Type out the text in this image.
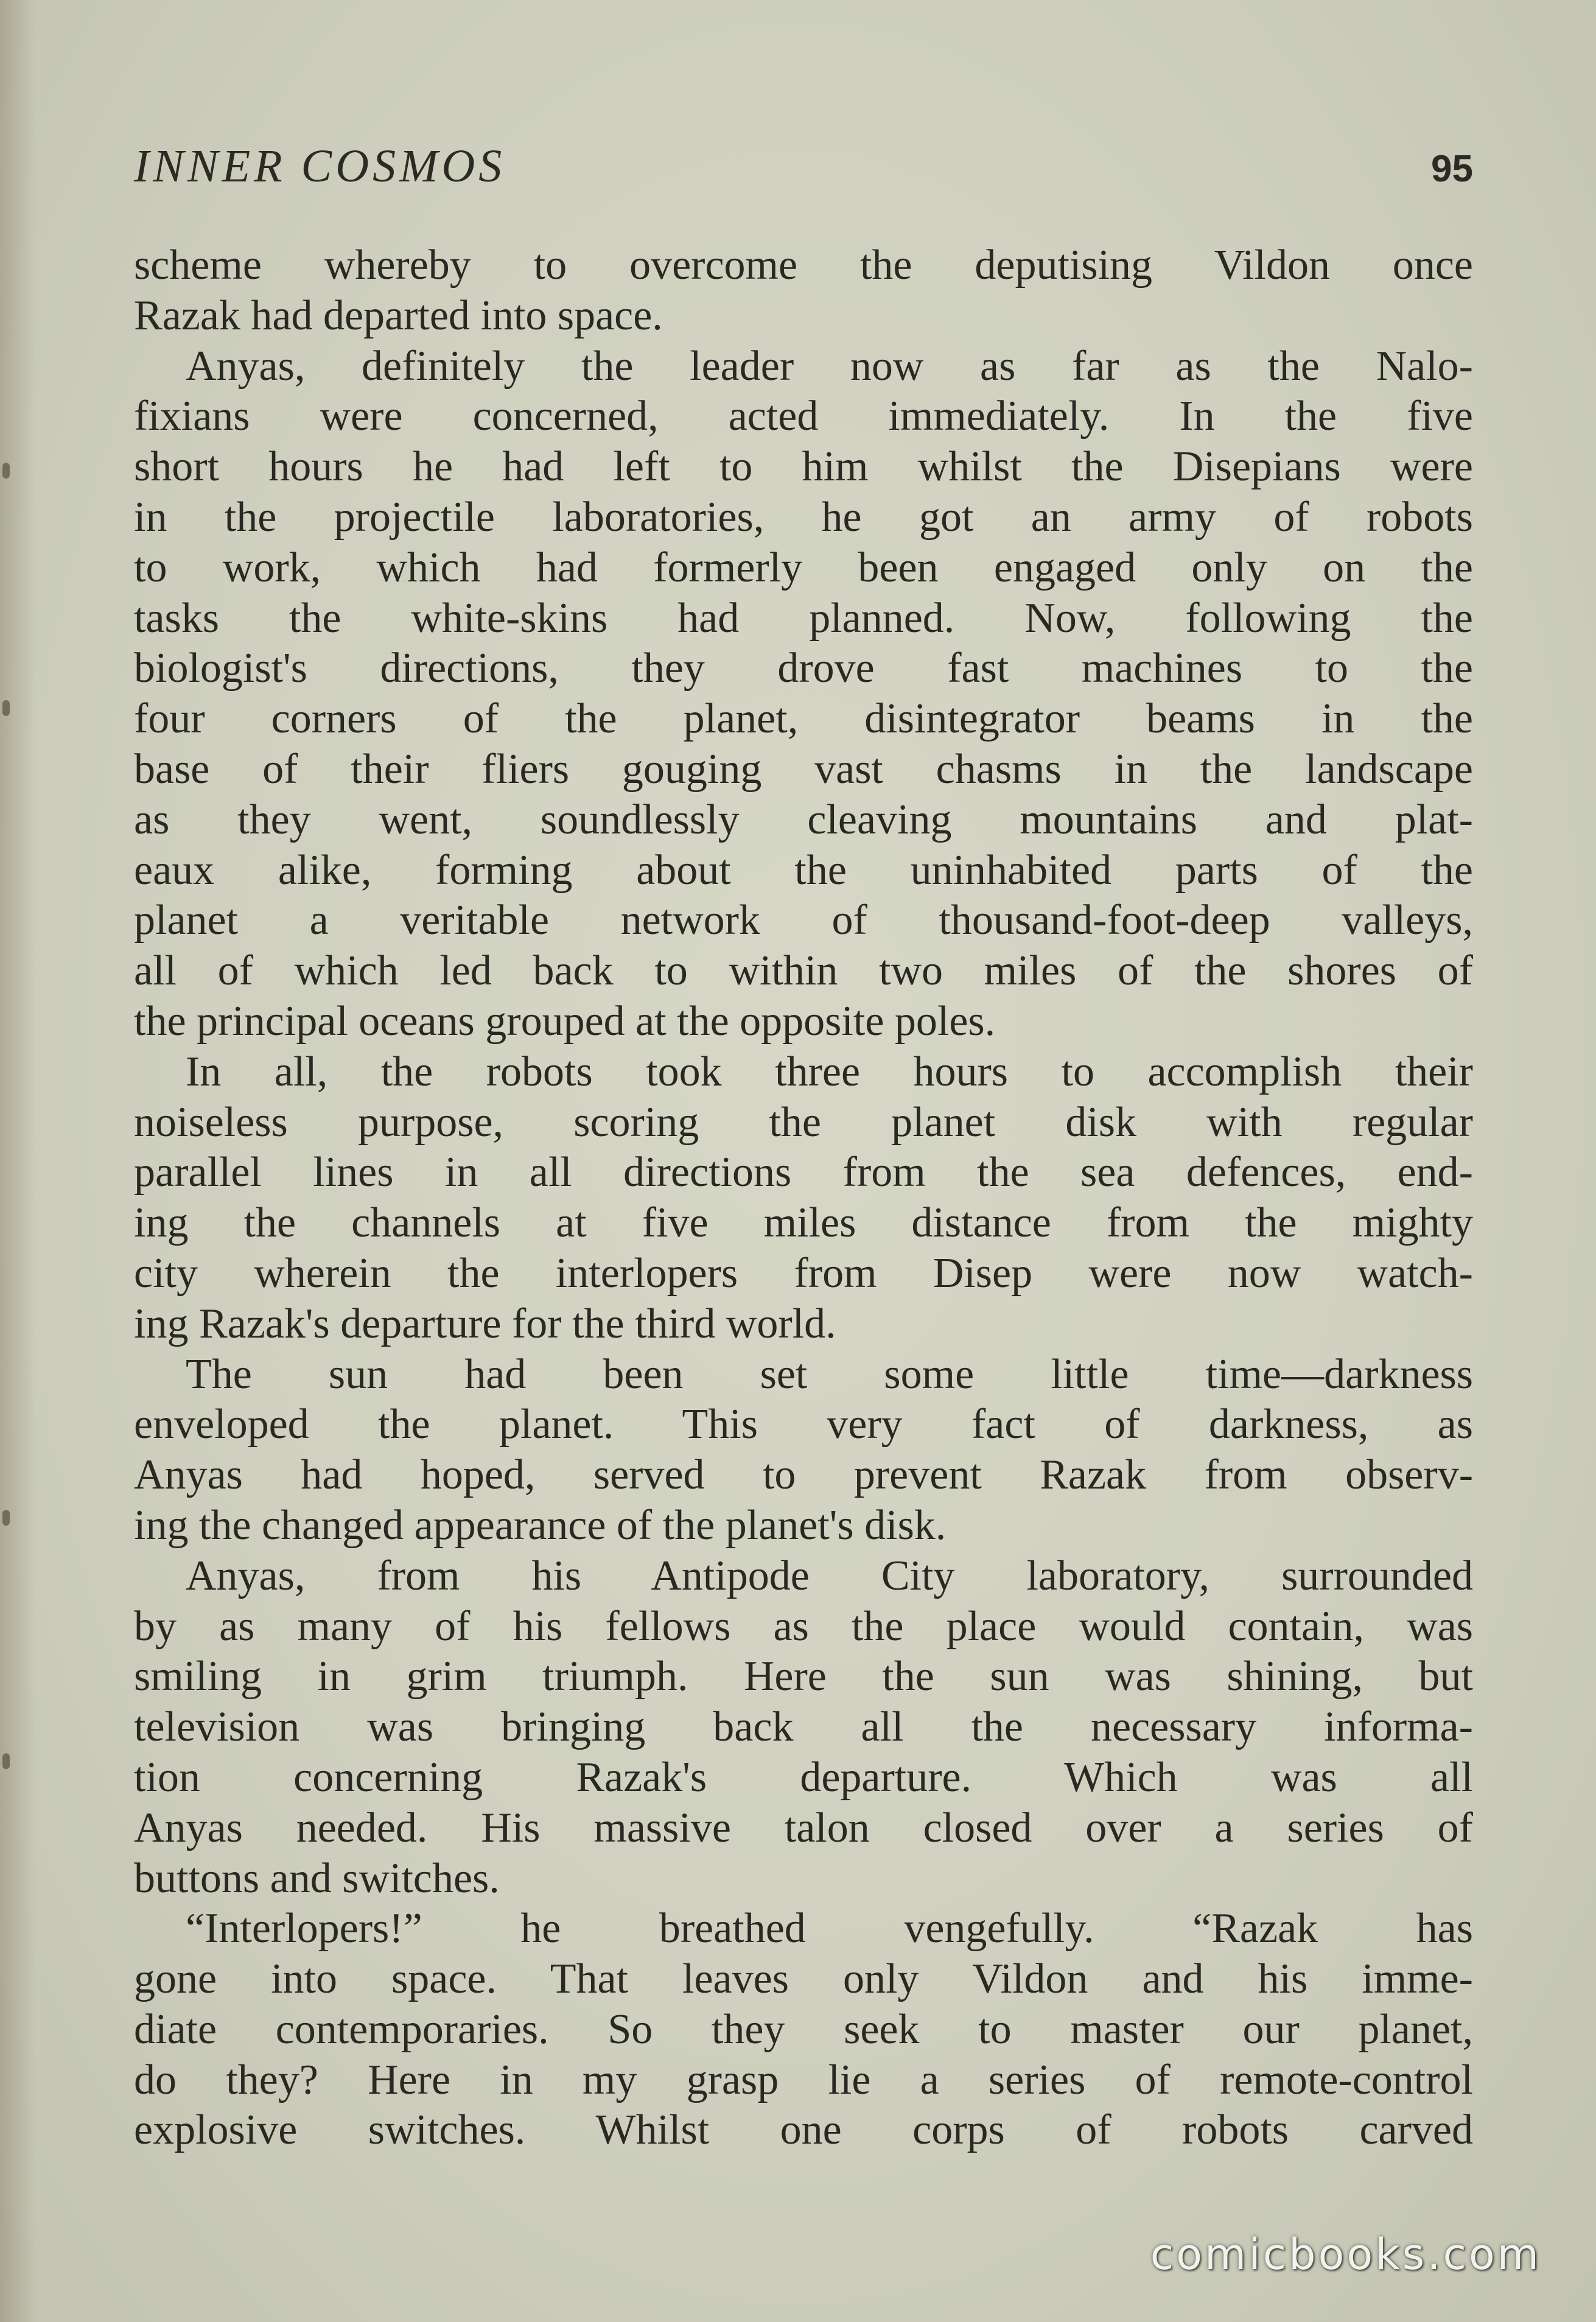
INNER COSMOS	95
scheme whereby to overcome the deputising Vildon once
Razak had departed into space.
Anyas, definitely the leader now as far as the Nalo-
fixians were concerned, acted immediately. In the five
short hours he had left to him whilst the Disepians were
in the projectile laboratories, he got an army of robots
to work, which had formerly been engaged only on the
tasks the white-skins had planned. Now, following the
biologist's directions, they drove fast machines to the
four corners of the planet, disintegrator beams in the
base of their fliers gouging vast chasms in the landscape
as they went, soundlessly cleaving mountains and plat-
eaux alike, forming about the uninhabited parts of the
planet a veritable network of thousand-foot-deep valleys,
all of which led back to within two miles of the shores of
the principal oceans grouped at the opposite poles.
In all, the robots took three hours to accomplish their
noiseless purpose, scoring the planet disk with regular
parallel lines in all directions from the sea defences, end-
ing the channels at five miles distance from the mighty
city wherein the interlopers from Disep were now watch-
ing Razak's departure for the third world.
The sun had been set some little time—darkness
enveloped the planet. This very fact of darkness, as
Anyas had hoped, served to prevent Razak from observ-
ing the changed appearance of the planet's disk.
Anyas, from his Antipode City laboratory, surrounded
by as many of his fellows as the place would contain, was
smiling in grim triumph. Here the sun was shining, but
television was bringing back all the necessary informa-
tion concerning Razak's departure. Which was all
Anyas needed. His massive talon closed over a series of
buttons and switches.
“Interlopers!” he breathed vengefully. “Razak has
gone into space. That leaves only Vildon and his imme-
diate contemporaries. So they seek to master our planet,
do they? Here in my grasp lie a series of remote-control
explosive switches. Whilst one corps of robots carved
comicbooks.com
